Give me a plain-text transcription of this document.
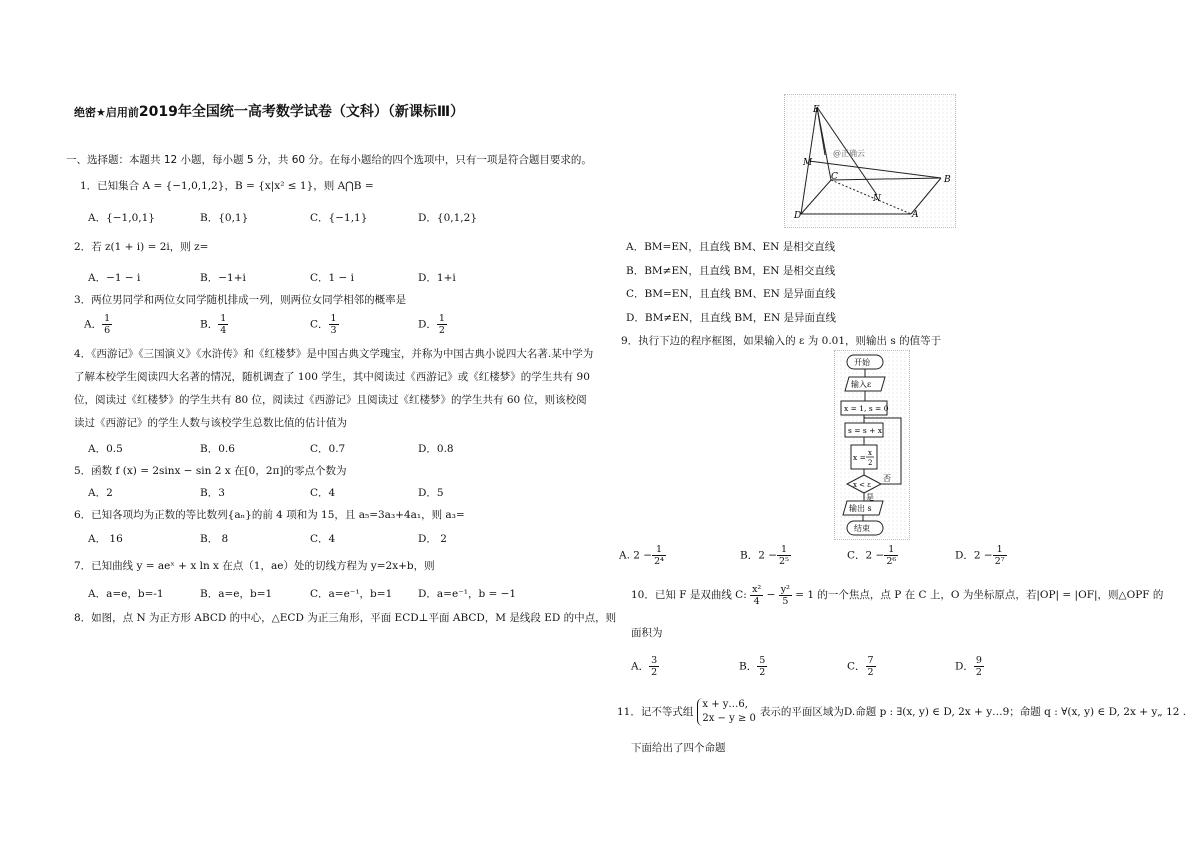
绝密★启用前2019年全国统一高考数学试卷（文科）（新课标Ⅲ）
一、选择题：本题共 12 小题，每小题 5 分，共 60 分。在每小题给的四个选项中，只有一项是符合题目要求的。
1．已知集合 A = {−1,0,1,2}，B = {x|x² ≤ 1}，则 A⋂B =
A．{−1,0,1}	B．{0,1}	C．{−1,1}	D．{0,1,2}
2．若 z(1 + i) = 2i，则 z=
A．−1 − i	B．−1+i	C．1 − i	D．1+i
3．两位男同学和两位女同学随机排成一列，则两位女同学相邻的概率是
A． $\frac{1}{6}$	B． $\frac{1}{4}$	C． $\frac{1}{3}$	D． $\frac{1}{2}$
4．《西游记》《三国演义》《水浒传》和《红楼梦》是中国古典文学瑰宝，并称为中国古典小说四大名著.某中学为了解本校学生阅读四大名著的情况，随机调查了 100 学生，其中阅读过《西游记》或《红楼梦》的学生共有 90 位，阅读过《红楼梦》的学生共有 80 位，阅读过《西游记》且阅读过《红楼梦》的学生共有 60 位，则该校阅读过《西游记》的学生人数与该校学生总数比值的估计值为
A．0.5	B．0.6	C．0.7	D．0.8
5．函数 f (x) = 2sinx − sin 2 x 在[0，2π]的零点个数为
A．2	B．3	C．4	D．5
6．已知各项均为正数的等比数列{aₙ}的前 4 项和为 15，且 a₅=3a₃+4a₁，则 a₃=
A． 16	B． 8	C．4	D． 2
7．已知曲线 y = aeˣ + x ln x 在点（1，ae）处的切线方程为 y=2x+b，则
A．a=e，b=-1	B．a=e，b=1	C．a=e⁻¹，b=1 D．a=e⁻¹，b = −1
8．如图，点 N 为正方形 ABCD 的中心，△ECD 为正三角形，平面 ECD⊥平面 ABCD，M 是线段 ED 的中点，则
E
M
C	B
N
D	A
@正确云
A．BM=EN，且直线 BM、EN 是相交直线
B．BM≠EN，且直线 BM，EN 是相交直线
C．BM=EN，且直线 BM、EN 是异面直线
D．BM≠EN，且直线 BM，EN 是异面直线
9．执行下边的程序框图，如果输入的 ε 为 0.01，则输出 s 的值等于
开始
输入ε
x = 1, s = 0
s = s + x
x = x
2
x < ε
否
是
输出 s
结束
A. $2 - \frac{1}{\text{2⁴}}$	B．$2 - \frac{1}{\text{2⁵}}$	C．$2 - \frac{1}{\text{2⁶}}$	D．$2 - \frac{1}{\text{2⁷}}$
10．已知 F 是双曲线 C: $\frac{\text{x²}}{4} - \frac{\text{y²}}{5} = 1$ 的一个焦点，点 P 在 C 上，O 为坐标原点，若|OP| = |OF|，则△OPF 的
面积为
A． $\frac{3}{2}$	B． $\frac{5}{2}$	C． $\frac{7}{2}$	D． $\frac{9}{2}$
11．记不等式组
x + y…6,
2x − y ≥ 0
表示的平面区域为D.命题 p : ∃(x, y) ∈ D, 2x + y…9；命题 q : ∀(x, y) ∈ D, 2x + y„ 12 .
下面给出了四个命题
